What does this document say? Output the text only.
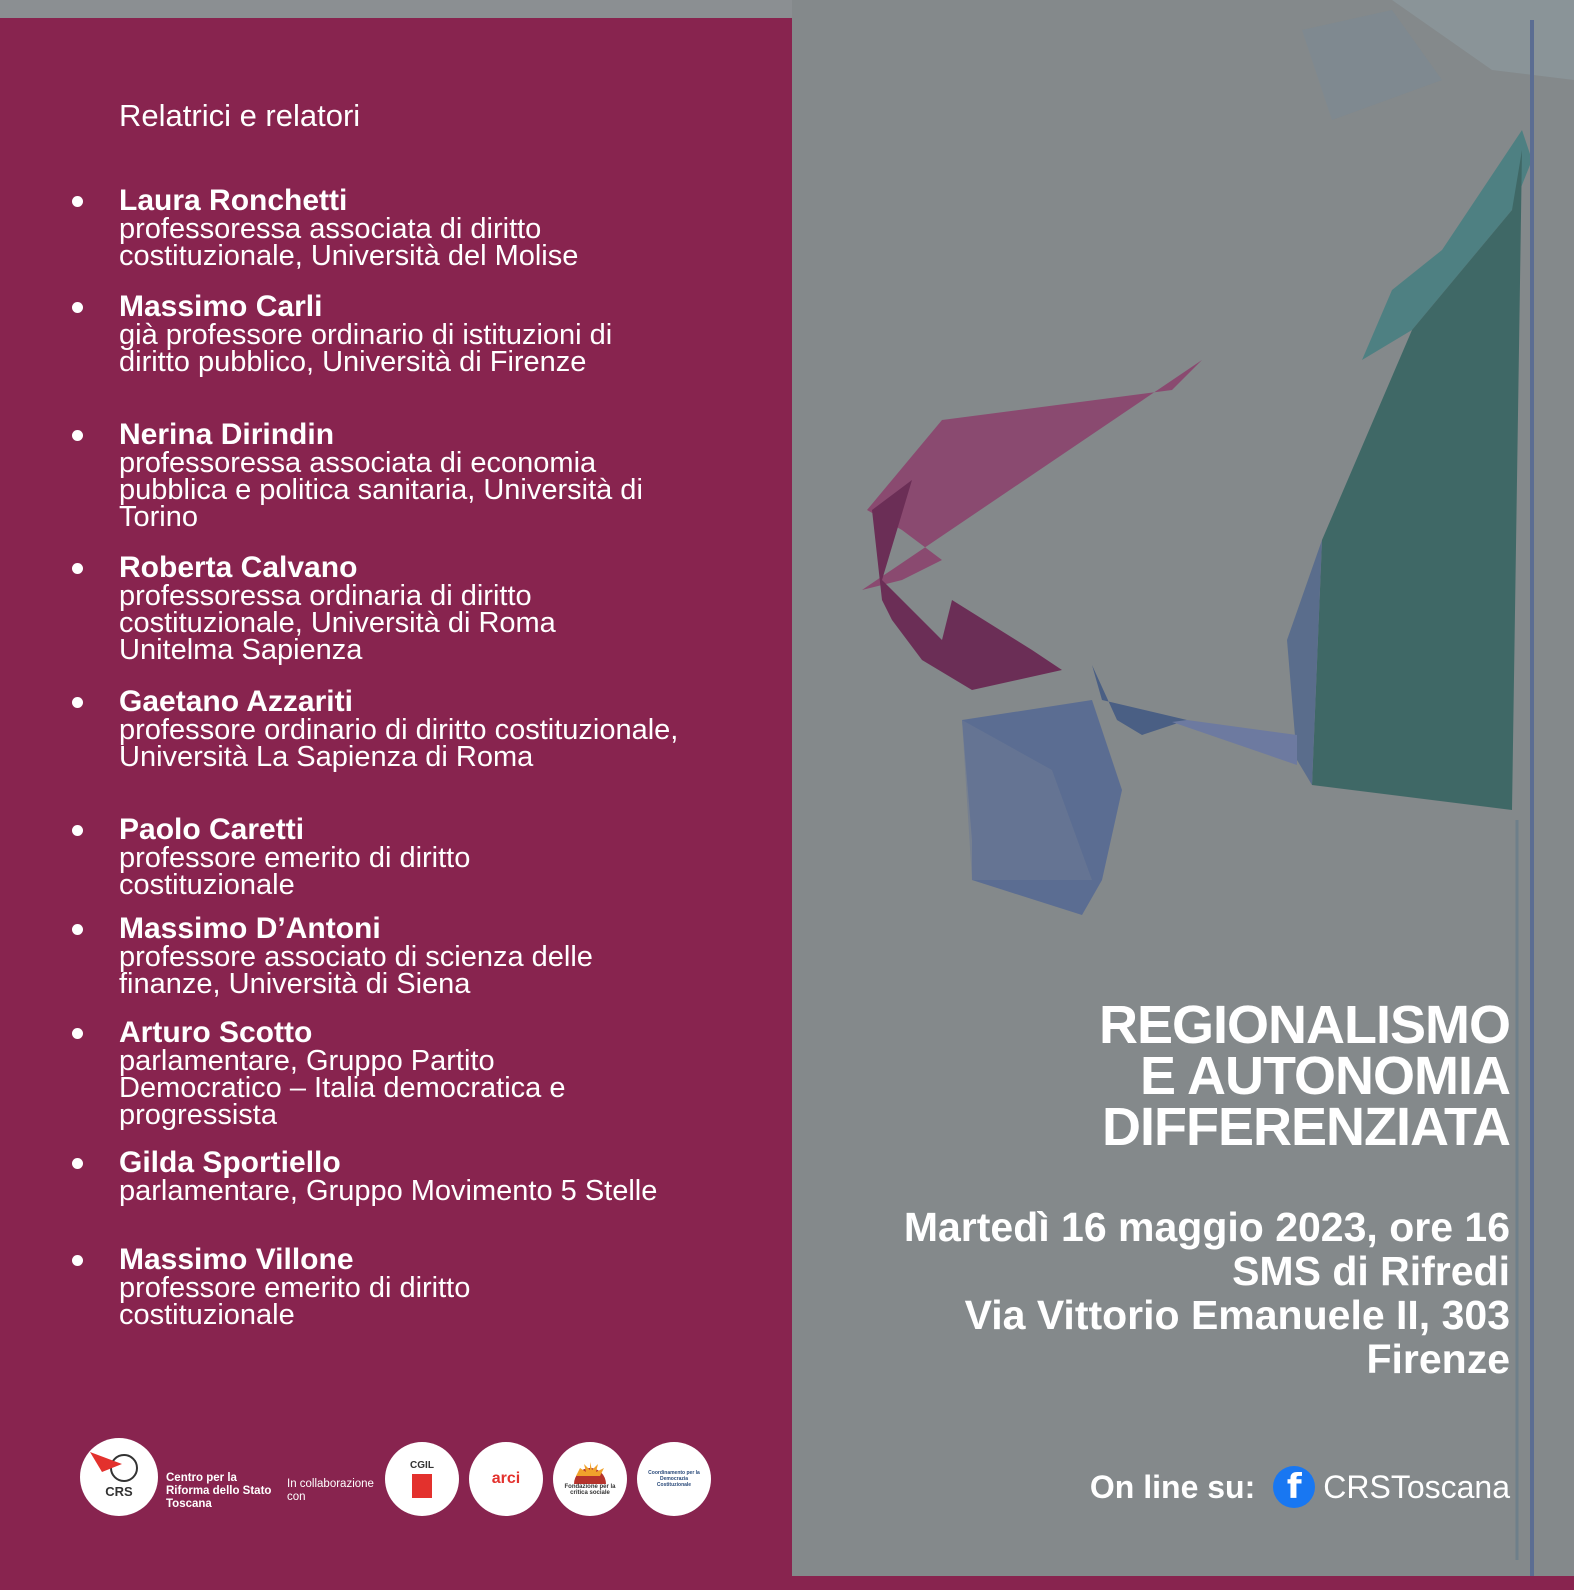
Relatrici e relatori
Laura Ronchetti
professoressa associata di diritto costituzionale, Università del Molise
Massimo Carli
già professore ordinario di istituzioni di diritto pubblico, Università di Firenze
Nerina Dirindin
professoressa associata di economia pubblica e politica sanitaria, Università di Torino
Roberta Calvano
professoressa ordinaria di diritto costituzionale, Università di Roma Unitelma Sapienza
Gaetano Azzariti
professore ordinario di diritto costituzionale, Università La Sapienza di Roma
Paolo Caretti
professore emerito di diritto costituzionale
Massimo D’Antoni
professore associato di scienza delle finanze, Università di Siena
Arturo Scotto
parlamentare, Gruppo Partito Democratico – Italia democratica e progressista
Gilda Sportiello
parlamentare, Gruppo Movimento 5 Stelle
Massimo Villone
professore emerito di diritto costituzionale
CRS
Centro per la Riforma dello Stato Toscana
In collaborazione con
CGIL
arci	Fondazione per la critica sociale
Coordinamento per la Democrazia Costituzionale
REGIONALISMO
E AUTONOMIA
DIFFERENZIATA
Martedì 16 maggio 2023, ore 16
SMS di Rifredi
Via Vittorio Emanuele II, 303
Firenze
On line su: f CRSToscana
